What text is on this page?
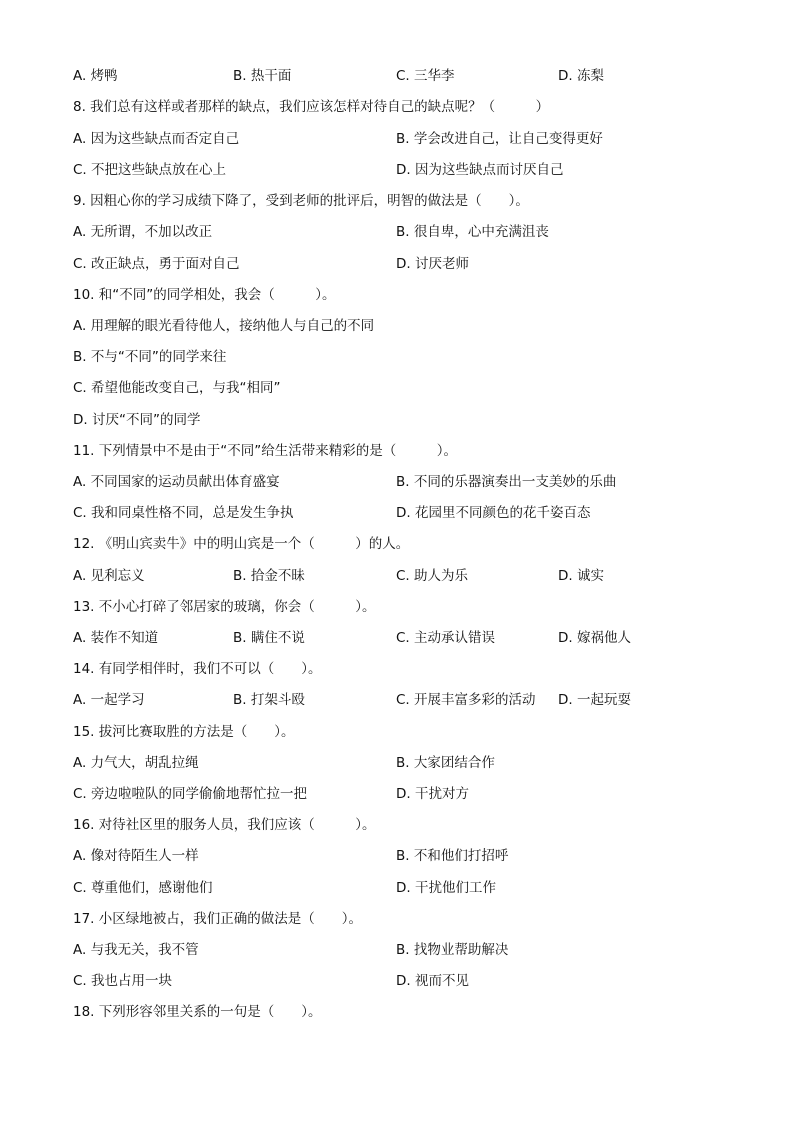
A. 烤鸭	B. 热干面	C. 三华李	D. 冻梨
8. 我们总有这样或者那样的缺点，我们应该怎样对待自己的缺点呢？（　　　）
A. 因为这些缺点而否定自己	B. 学会改进自己，让自己变得更好
C. 不把这些缺点放在心上	D. 因为这些缺点而讨厌自己
9. 因粗心你的学习成绩下降了，受到老师的批评后，明智的做法是（　　）。
A. 无所谓，不加以改正	B. 很自卑，心中充满沮丧
C. 改正缺点，勇于面对自己	D. 讨厌老师
10. 和“不同”的同学相处，我会（　　　）。
A. 用理解的眼光看待他人，接纳他人与自己的不同
B. 不与“不同”的同学来往
C. 希望他能改变自己，与我“相同”
D. 讨厌“不同”的同学
11. 下列情景中不是由于“不同”给生活带来精彩的是（　　　）。
A. 不同国家的运动员献出体育盛宴	B. 不同的乐器演奏出一支美妙的乐曲
C. 我和同桌性格不同，总是发生争执	D. 花园里不同颜色的花千姿百态
12. 《明山宾卖牛》中的明山宾是一个（　　　）的人。
A. 见利忘义	B. 拾金不昧	C. 助人为乐	D. 诚实
13. 不小心打碎了邻居家的玻璃，你会（　　　）。
A. 装作不知道	B. 瞒住不说	C. 主动承认错误	D. 嫁祸他人
14. 有同学相伴时，我们不可以（　　）。
A. 一起学习	B. 打架斗殴	C. 开展丰富多彩的活动 D. 一起玩耍
15. 拔河比赛取胜的方法是（　　）。
A. 力气大，胡乱拉绳	B. 大家团结合作
C. 旁边啦啦队的同学偷偷地帮忙拉一把	D. 干扰对方
16. 对待社区里的服务人员，我们应该（　　　）。
A. 像对待陌生人一样	B. 不和他们打招呼
C. 尊重他们，感谢他们	D. 干扰他们工作
17. 小区绿地被占，我们正确的做法是（　　）。
A. 与我无关，我不管	B. 找物业帮助解决
C. 我也占用一块	D. 视而不见
18. 下列形容邻里关系的一句是（　　）。
